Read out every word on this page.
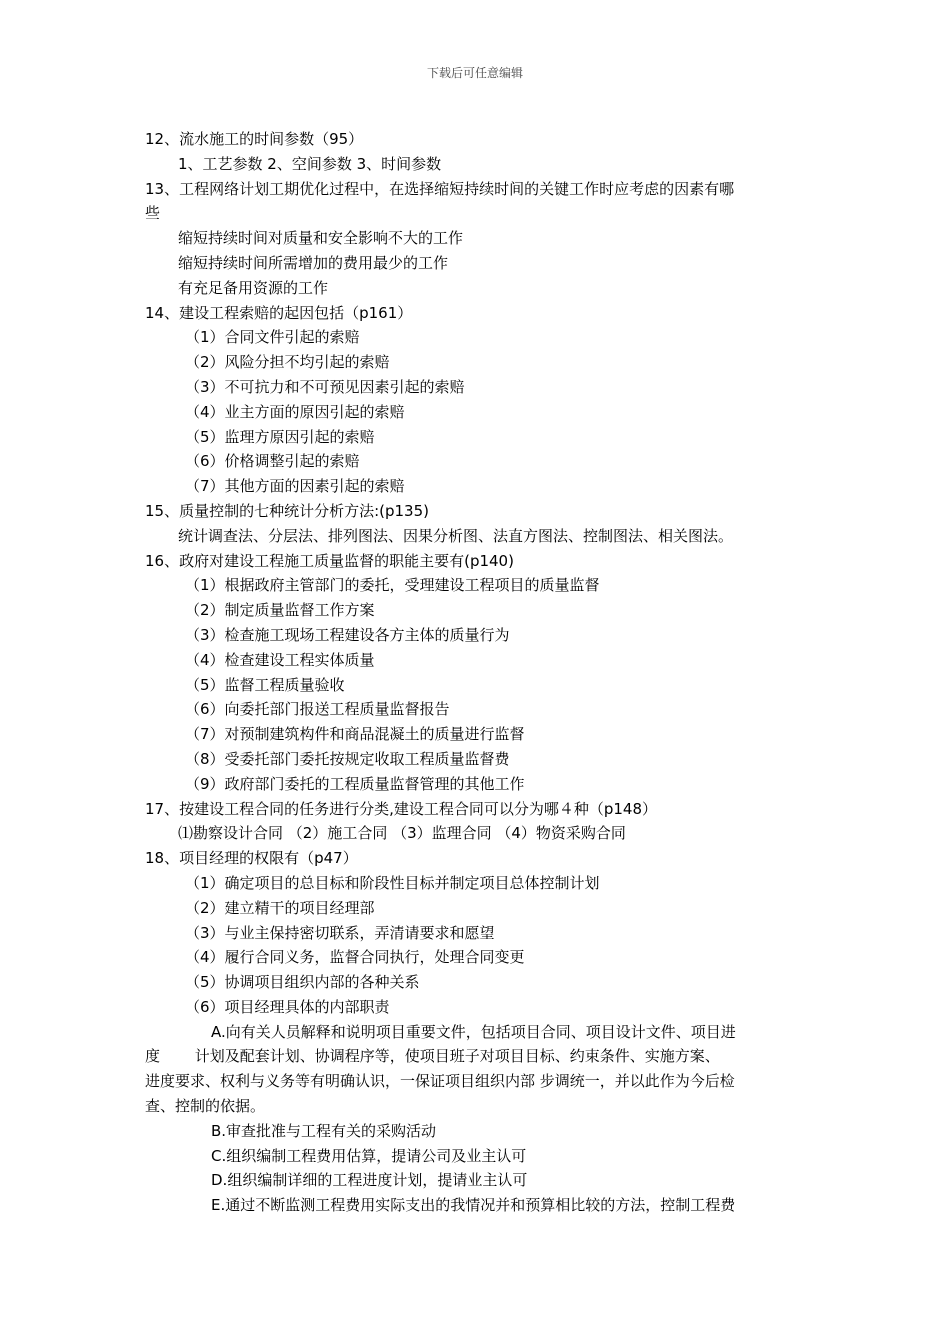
下载后可任意编辑
12、流水施工的时间参数（95）
1、工艺参数 2、空间参数 3、时间参数
13、工程网络计划工期优化过程中，在选择缩短持续时间的关键工作时应考虑的因素有哪
些
缩短持续时间对质量和安全影响不大的工作
缩短持续时间所需增加的费用最少的工作
有充足备用资源的工作
14、建设工程索赔的起因包括（p161）
（1）合同文件引起的索赔
（2）风险分担不均引起的索赔
（3）不可抗力和不可预见因素引起的索赔
（4）业主方面的原因引起的索赔
（5）监理方原因引起的索赔
（6）价格调整引起的索赔
（7）其他方面的因素引起的索赔
15、质量控制的七种统计分析方法:(p135)
统计调查法、分层法、排列图法、因果分析图、法直方图法、控制图法、相关图法。
16、政府对建设工程施工质量监督的职能主要有(p140)
（1）根据政府主管部门的委托，受理建设工程项目的质量监督
（2）制定质量监督工作方案
（3）检查施工现场工程建设各方主体的质量行为
（4）检查建设工程实体质量
（5）监督工程质量验收
（6）向委托部门报送工程质量监督报告
（7）对预制建筑构件和商品混凝土的质量进行监督
（8）受委托部门委托按规定收取工程质量监督费
（9）政府部门委托的工程质量监督管理的其他工作
17、按建设工程合同的任务进行分类,建设工程合同可以分为哪４种（p148）
⑴勘察设计合同 （2）施工合同 （3）监理合同 （4）物资采购合同
18、项目经理的权限有（p47）
（1）确定项目的总目标和阶段性目标并制定项目总体控制计划
（2）建立精干的项目经理部
（3）与业主保持密切联系，弄清请要求和愿望
（4）履行合同义务，监督合同执行，处理合同变更
（5）协调项目组织内部的各种关系
（6）项目经理具体的内部职责
A.向有关人员解释和说明项目重要文件，包括项目合同、项目设计文件、项目进
度　　 计划及配套计划、协调程序等，使项目班子对项目目标、约束条件、实施方案、
进度要求、权利与义务等有明确认识，一保证项目组织内部 步调统一，并以此作为今后检
查、控制的依据。
B.审查批准与工程有关的采购活动
C.组织编制工程费用估算，提请公司及业主认可
D.组织编制详细的工程进度计划，提请业主认可
E.通过不断监测工程费用实际支出的我情况并和预算相比较的方法，控制工程费
